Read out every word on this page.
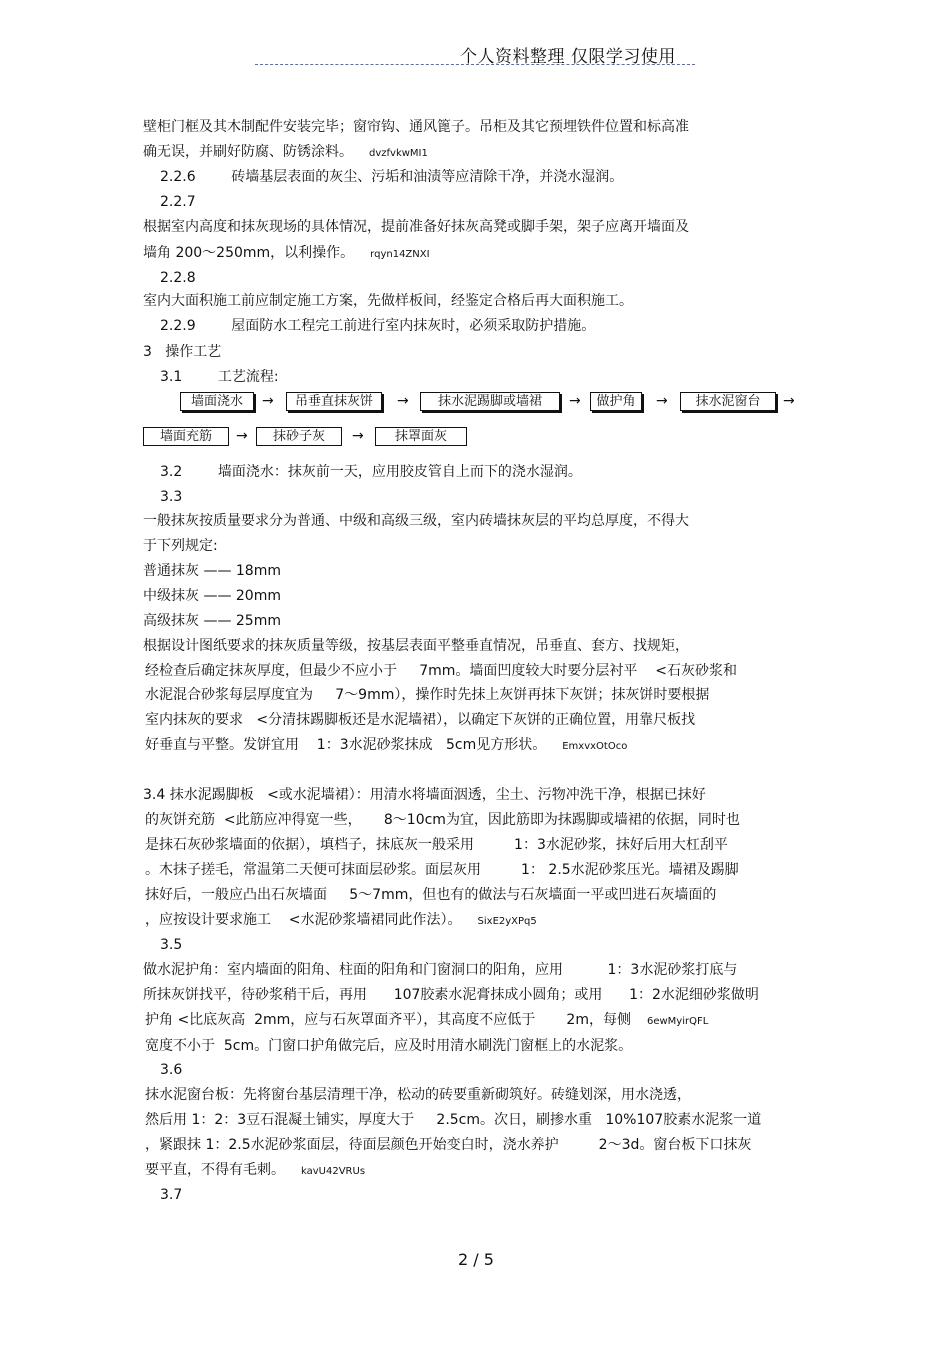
个人资料整理 仅限学习使用
壁柜门框及其木制配件安装完毕；窗帘钩、通风篦子。吊柜及其它预埋铁件位置和标高准
确无误，并刷好防腐、防锈涂料。 dvzfvkwMI1
2.2.6        砖墙基层表面的灰尘、污垢和油渍等应清除干净，并浇水湿润。
2.2.7
根据室内高度和抹灰现场的具体情况，提前准备好抹灰高凳或脚手架，架子应离开墙面及
墙角 200～250mm，以利操作。 rqyn14ZNXI
2.2.8
室内大面积施工前应制定施工方案，先做样板间，经鉴定合格后再大面积施工。
2.2.9        屋面防水工程完工前进行室内抹灰时，必须采取防护措施。
3   操作工艺
3.1        工艺流程:
3.2        墙面浇水：抹灰前一天，应用胶皮管自上而下的浇水湿润。
3.3
一般抹灰按质量要求分为普通、中级和高级三级，室内砖墙抹灰层的平均总厚度，不得大
于下列规定:
普通抹灰 —— 18mm
中级抹灰 —— 20mm
高级抹灰 —— 25mm
根据设计图纸要求的抹灰质量等级，按基层表面平整垂直情况，吊垂直、套方、找规矩，
经检查后确定抹灰厚度，但最少不应小于     7mm。墙面凹度较大时要分层衬平    <石灰砂浆和
水泥混合砂浆每层厚度宜为     7～9mm），操作时先抹上灰饼再抹下灰饼；抹灰饼时要根据
室内抹灰的要求   <分清抹踢脚板还是水泥墙裙），以确定下灰饼的正确位置，用靠尺板找
好垂直与平整。发饼宜用    1：3水泥砂浆抹成   5cm见方形状。 EmxvxOtOco
3.4 抹水泥踢脚板   <或水泥墙裙）：用清水将墙面洇透，尘土、污物冲洗干净，根据已抹好
的灰饼充筋  <此筋应冲得宽一些，     8～10cm为宜，因此筋即为抹踢脚或墙裙的依据，同时也
是抹石灰砂浆墙面的依据），填档子，抹底灰一般采用         1：3水泥砂浆，抹好后用大杠刮平
。木抹子搓毛，常温第二天便可抹面层砂浆。面层灰用         1： 2.5水泥砂浆压光。墙裙及踢脚
抹好后，一般应凸出石灰墙面     5～7mm，但也有的做法与石灰墙面一平或凹进石灰墙面的
，应按设计要求施工    <水泥砂浆墙裙同此作法）。 SixE2yXPq5
3.5
做水泥护角：室内墙面的阳角、柱面的阳角和门窗洞口的阳角，应用          1：3水泥砂浆打底与
所抹灰饼找平，待砂浆稍干后，再用      107胶素水泥膏抹成小圆角；或用      1：2水泥细砂浆做明
护角 <比底灰高  2mm，应与石灰罩面齐平），其高度不应低于       2m，每侧 6ewMyirQFL
宽度不小于  5cm。门窗口护角做完后，应及时用清水刷洗门窗框上的水泥浆。
3.6
抹水泥窗台板：先将窗台基层清理干净，松动的砖要重新砌筑好。砖缝划深，用水浇透，
然后用 1：2：3豆石混凝土铺实，厚度大于     2.5cm。次日，刷掺水重   10%107胶素水泥浆一道
，紧跟抹 1：2.5水泥砂浆面层，待面层颜色开始变白时，浇水养护         2～3d。窗台板下口抹灰
要平直，不得有毛刺。 kavU42VRUs
3.7
墙面浇水	→	吊垂直抹灰饼	→	抹水泥踢脚或墙裙	→	做护角	→	抹水泥窗台	→
墙面充筋	→	抹砂子灰	→	抹罩面灰
2 / 5
